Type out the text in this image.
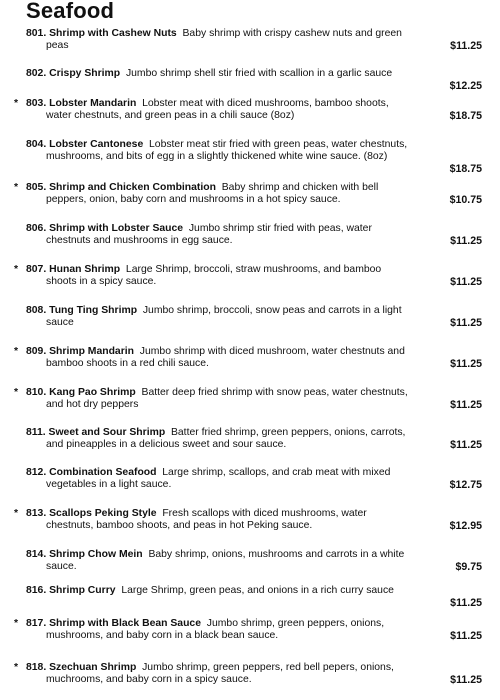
Seafood
801. Shrimp with Cashew Nuts Baby shrimp with crispy cashew nuts and green
peas	$11.25
802. Crispy Shrimp Jumbo shrimp shell stir fried with scallion in a garlic sauce
$12.25
* 803. Lobster Mandarin Lobster meat with diced mushrooms, bamboo shoots,
water chestnuts, and green peas in a chili sauce (8oz)	$18.75
804. Lobster Cantonese Lobster meat stir fried with green peas, water chestnuts,
mushrooms, and bits of egg in a slightly thickened white wine sauce. (8oz)
$18.75
* 805. Shrimp and Chicken Combination Baby shrimp and chicken with bell
peppers, onion, baby corn and mushrooms in a hot spicy sauce.	$10.75
806. Shrimp with Lobster Sauce Jumbo shrimp stir fried with peas, water
chestnuts and mushrooms in egg sauce.	$11.25
* 807. Hunan Shrimp Large Shrimp, broccoli, straw mushrooms, and bamboo
shoots in a spicy sauce.	$11.25
808. Tung Ting Shrimp Jumbo shrimp, broccoli, snow peas and carrots in a light
sauce	$11.25
* 809. Shrimp Mandarin Jumbo shrimp with diced mushroom, water chestnuts and
bamboo shoots in a red chili sauce.	$11.25
* 810. Kang Pao Shrimp Batter deep fried shrimp with snow peas, water chestnuts,
and hot dry peppers	$11.25
811. Sweet and Sour Shrimp Batter fried shrimp, green peppers, onions, carrots,
and pineapples in a delicious sweet and sour sauce.	$11.25
812. Combination Seafood Large shrimp, scallops, and crab meat with mixed
vegetables in a light sauce.	$12.75
* 813. Scallops Peking Style Fresh scallops with diced mushrooms, water
chestnuts, bamboo shoots, and peas in hot Peking sauce.	$12.95
814. Shrimp Chow Mein Baby shrimp, onions, mushrooms and carrots in a white
sauce.	$9.75
816. Shrimp Curry Large Shrimp, green peas, and onions in a rich curry sauce
$11.25
* 817. Shrimp with Black Bean Sauce Jumbo shrimp, green peppers, onions,
mushrooms, and baby corn in a black bean sauce.	$11.25
* 818. Szechuan Shrimp Jumbo shrimp, green peppers, red bell pepers, onions,
muchrooms, and baby corn in a spicy sauce.	$11.25
